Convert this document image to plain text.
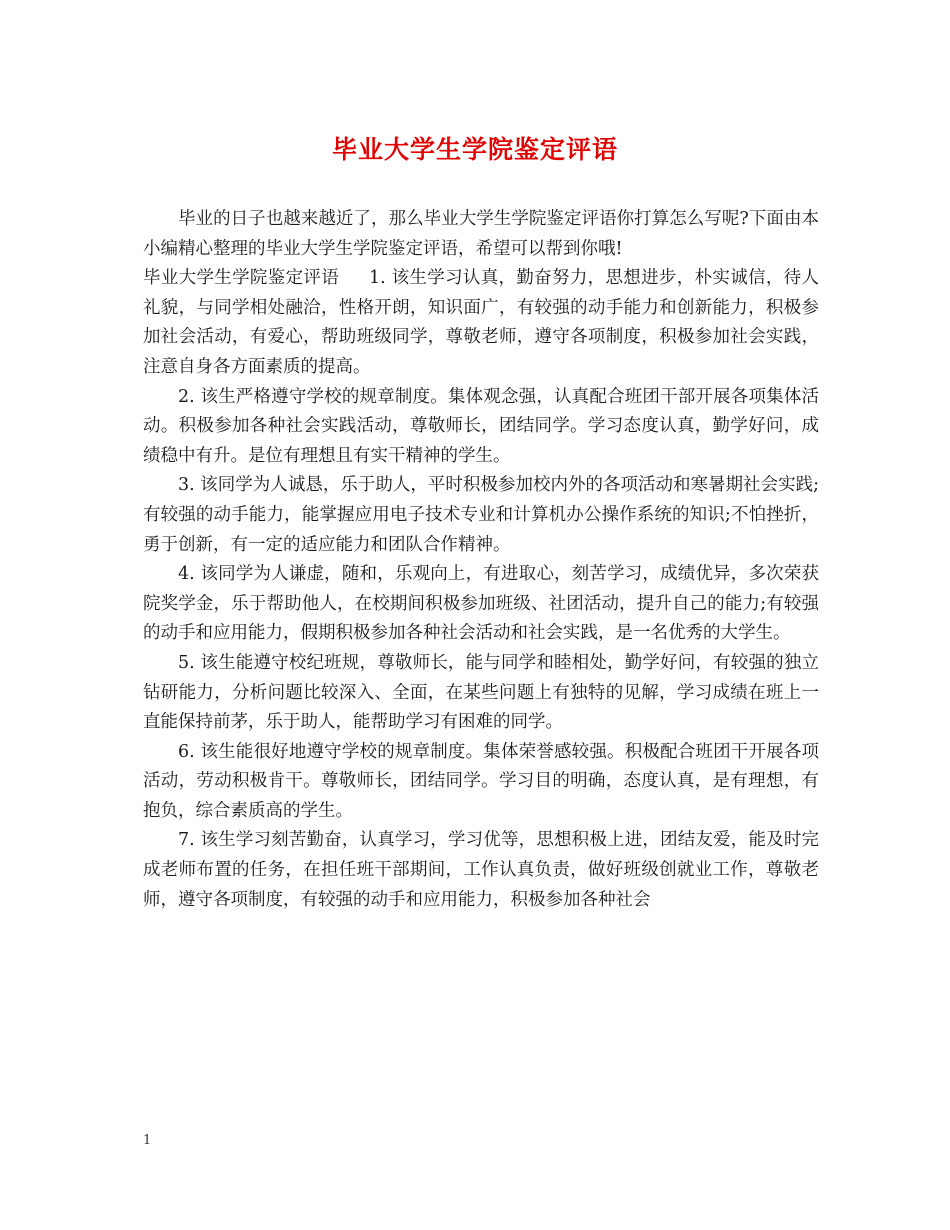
毕业大学生学院鉴定评语

毕业的日子也越来越近了，那么毕业大学生学院鉴定评语你打算怎么写呢?下面由本小编精心整理的毕业大学生学院鉴定评语，希望可以帮到你哦!

毕业大学生学院鉴定评语 1. 该生学习认真，勤奋努力，思想进步，朴实诚信，待人礼貌，与同学相处融洽，性格开朗，知识面广，有较强的动手能力和创新能力，积极参加社会活动，有爱心，帮助班级同学，尊敬老师，遵守各项制度，积极参加社会实践，注意自身各方面素质的提高。

2. 该生严格遵守学校的规章制度。集体观念强，认真配合班团干部开展各项集体活动。积极参加各种社会实践活动，尊敬师长，团结同学。学习态度认真，勤学好问，成绩稳中有升。是位有理想且有实干精神的学生。

3. 该同学为人诚恳，乐于助人，平时积极参加校内外的各项活动和寒暑期社会实践;有较强的动手能力，能掌握应用电子技术专业和计算机办公操作系统的知识;不怕挫折，勇于创新，有一定的适应能力和团队合作精神。

4. 该同学为人谦虚，随和，乐观向上，有进取心，刻苦学习，成绩优异，多次荣获院奖学金，乐于帮助他人，在校期间积极参加班级、社团活动，提升自己的能力;有较强的动手和应用能力，假期积极参加各种社会活动和社会实践，是一名优秀的大学生。

5. 该生能遵守校纪班规，尊敬师长，能与同学和睦相处，勤学好问，有较强的独立钻研能力，分析问题比较深入、全面，在某些问题上有独特的见解，学习成绩在班上一直能保持前茅，乐于助人，能帮助学习有困难的同学。

6. 该生能很好地遵守学校的规章制度。集体荣誉感较强。积极配合班团干开展各项活动，劳动积极肯干。尊敬师长，团结同学。学习目的明确，态度认真，是有理想，有抱负，综合素质高的学生。

7. 该生学习刻苦勤奋，认真学习，学习优等，思想积极上进，团结友爱，能及时完成老师布置的任务，在担任班干部期间，工作认真负责，做好班级创就业工作，尊敬老师，遵守各项制度，有较强的动手和应用能力，积极参加各种社会

1
